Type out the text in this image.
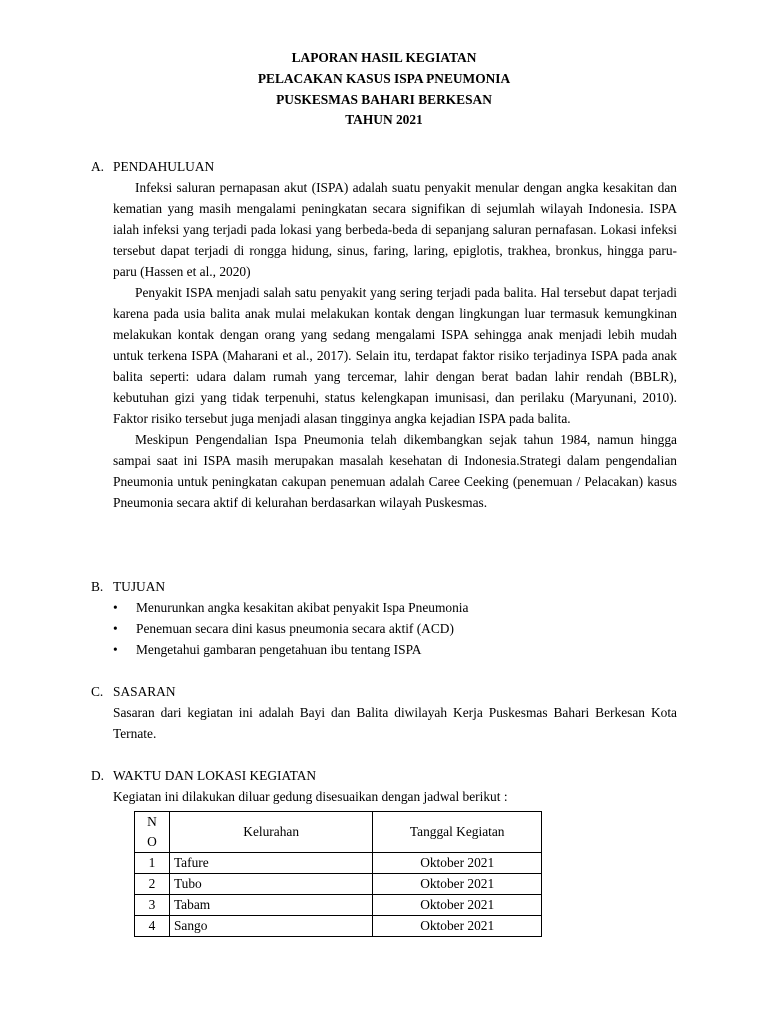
LAPORAN HASIL KEGIATAN
PELACAKAN KASUS ISPA PNEUMONIA
PUSKESMAS BAHARI BERKESAN
TAHUN 2021
A. PENDAHULUAN

Infeksi saluran pernapasan akut (ISPA) adalah suatu penyakit menular dengan angka kesakitan dan kematian yang masih mengalami peningkatan secara signifikan di sejumlah wilayah Indonesia. ISPA ialah infeksi yang terjadi pada lokasi yang berbeda-beda di sepanjang saluran pernafasan. Lokasi infeksi tersebut dapat terjadi di rongga hidung, sinus, faring, laring, epiglotis, trakhea, bronkus, hingga paru-paru (Hassen et al., 2020)

Penyakit ISPA menjadi salah satu penyakit yang sering terjadi pada balita. Hal tersebut dapat terjadi karena pada usia balita anak mulai melakukan kontak dengan lingkungan luar termasuk kemungkinan melakukan kontak dengan orang yang sedang mengalami ISPA sehingga anak menjadi lebih mudah untuk terkena ISPA (Maharani et al., 2017). Selain itu, terdapat faktor risiko terjadinya ISPA pada anak balita seperti: udara dalam rumah yang tercemar, lahir dengan berat badan lahir rendah (BBLR), kebutuhan gizi yang tidak terpenuhi, status kelengkapan imunisasi, dan perilaku (Maryunani, 2010). Faktor risiko tersebut juga menjadi alasan tingginya angka kejadian ISPA pada balita.

Meskipun Pengendalian Ispa Pneumonia telah dikembangkan sejak tahun 1984, namun hingga sampai saat ini ISPA masih merupakan masalah kesehatan di Indonesia.Strategi dalam pengendalian Pneumonia untuk peningkatan cakupan penemuan adalah Caree Ceeking (penemuan / Pelacakan) kasus Pneumonia secara aktif di kelurahan berdasarkan wilayah Puskesmas.

B. TUJUAN
• Menurunkan angka kesakitan akibat penyakit Ispa Pneumonia
• Penemuan secara dini kasus pneumonia secara aktif (ACD)
• Mengetahui gambaran pengetahuan ibu tentang ISPA
C. SASARAN
Sasaran dari kegiatan ini adalah Bayi dan Balita diwilayah Kerja Puskesmas Bahari Berkesan Kota Ternate.
D. WAKTU DAN LOKASI KEGIATAN
Kegiatan ini dilakukan diluar gedung disesuaikan dengan jadwal berikut :
N
O	Kelurahan	Tanggal Kegiatan
1	Tafure	Oktober 2021
2	Tubo	Oktober 2021
3	Tabam	Oktober 2021
4	Sango	Oktober 2021
